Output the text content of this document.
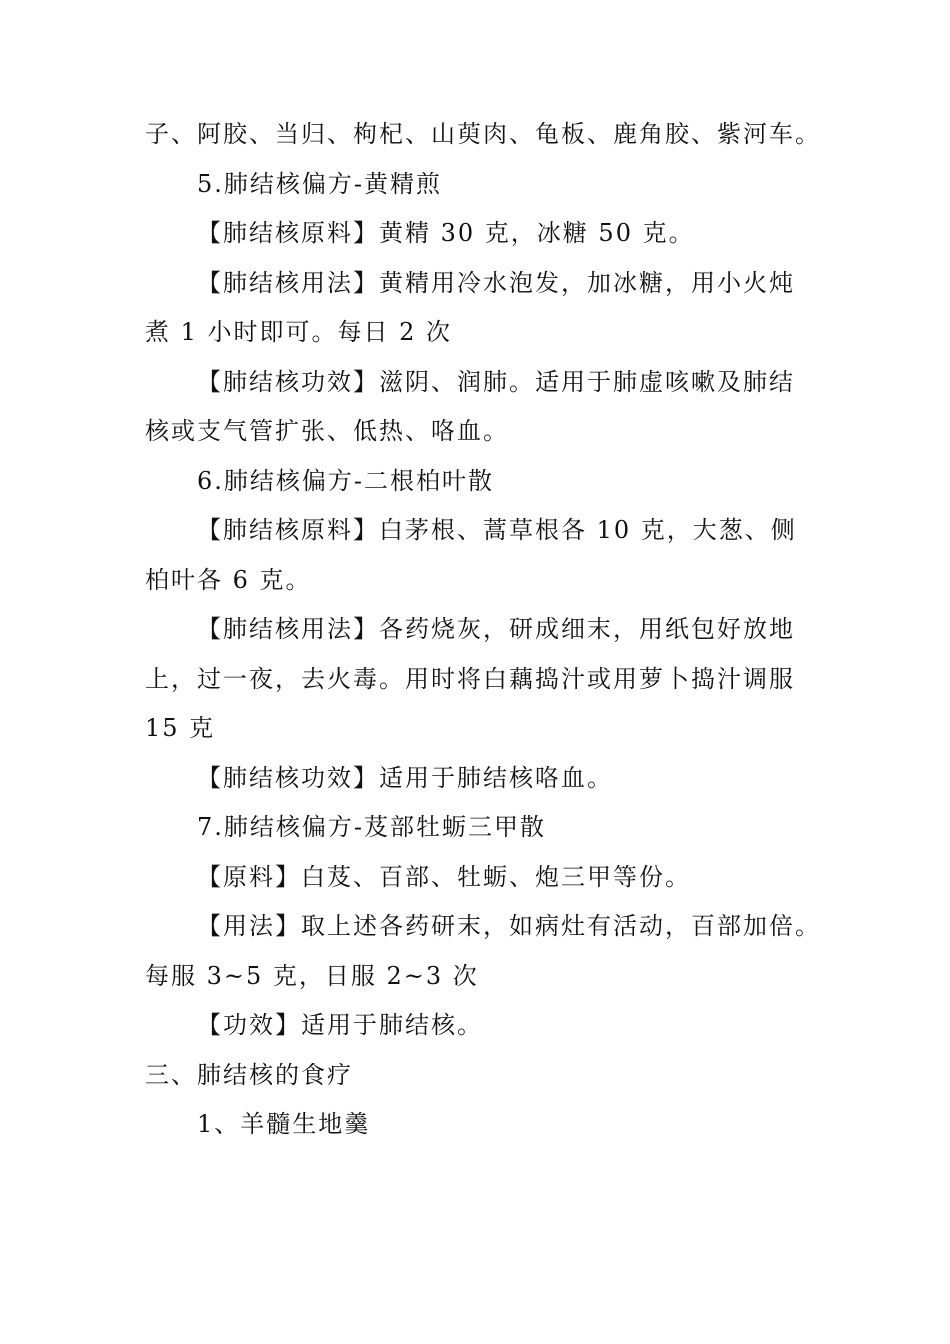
子、阿胶、当归、枸杞、山萸肉、龟板、鹿角胶、紫河车。
5.肺结核偏方-黄精煎
【肺结核原料】黄精 30 克，冰糖 50 克。
【肺结核用法】黄精用冷水泡发，加冰糖，用小火炖
煮 1 小时即可。每日 2 次
【肺结核功效】滋阴、润肺。适用于肺虚咳嗽及肺结
核或支气管扩张、低热、咯血。
6.肺结核偏方-二根柏叶散
【肺结核原料】白茅根、蒿草根各 10 克，大葱、侧
柏叶各 6 克。
【肺结核用法】各药烧灰，研成细末，用纸包好放地
上，过一夜，去火毒。用时将白藕捣汁或用萝卜捣汁调服
15 克
【肺结核功效】适用于肺结核咯血。
7.肺结核偏方-芨部牡蛎三甲散
【原料】白芨、百部、牡蛎、炮三甲等份。
【用法】取上述各药研末，如病灶有活动，百部加倍。
每服 3~5 克，日服 2~3 次
【功效】适用于肺结核。
三、肺结核的食疗
1、羊髓生地羹
